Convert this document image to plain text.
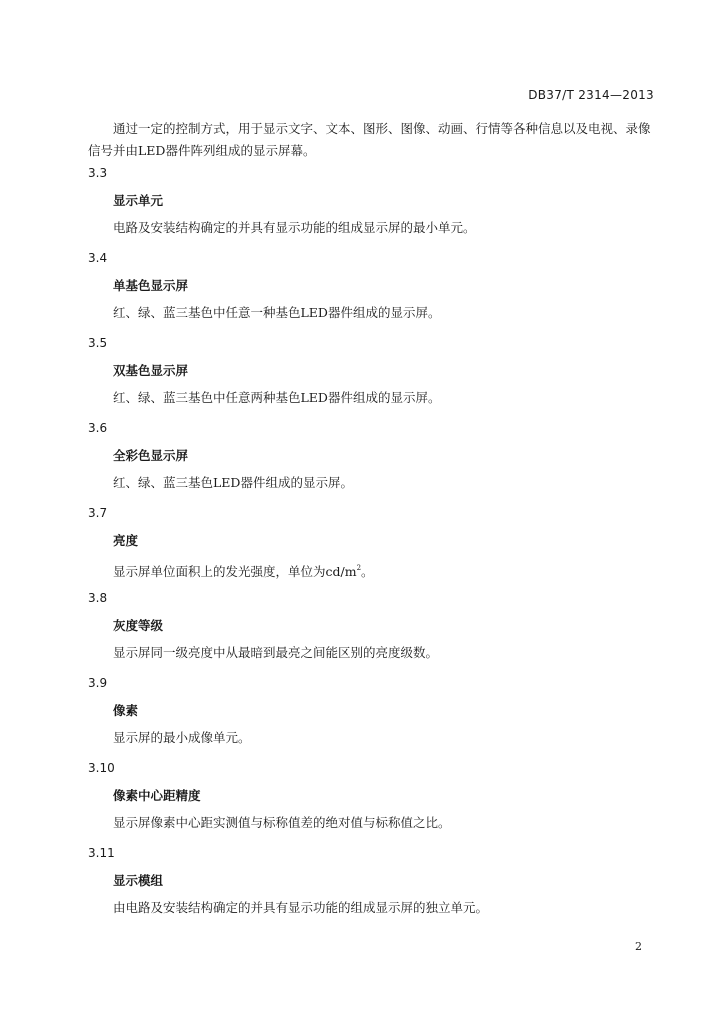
DB37/T 2314—2013
通过一定的控制方式，用于显示文字、文本、图形、图像、动画、行情等各种信息以及电视、录像信号并由LED器件阵列组成的显示屏幕。
3.3
显示单元
电路及安装结构确定的并具有显示功能的组成显示屏的最小单元。
3.4
单基色显示屏
红、绿、蓝三基色中任意一种基色LED器件组成的显示屏。
3.5
双基色显示屏
红、绿、蓝三基色中任意两种基色LED器件组成的显示屏。
3.6
全彩色显示屏
红、绿、蓝三基色LED器件组成的显示屏。
3.7
亮度
显示屏单位面积上的发光强度，单位为$cd/m^2$。
3.8
灰度等级
显示屏同一级亮度中从最暗到最亮之间能区别的亮度级数。
3.9
像素
显示屏的最小成像单元。
3.10
像素中心距精度
显示屏像素中心距实测值与标称值差的绝对值与标称值之比。
3.11
显示模组
由电路及安装结构确定的并具有显示功能的组成显示屏的独立单元。
2
